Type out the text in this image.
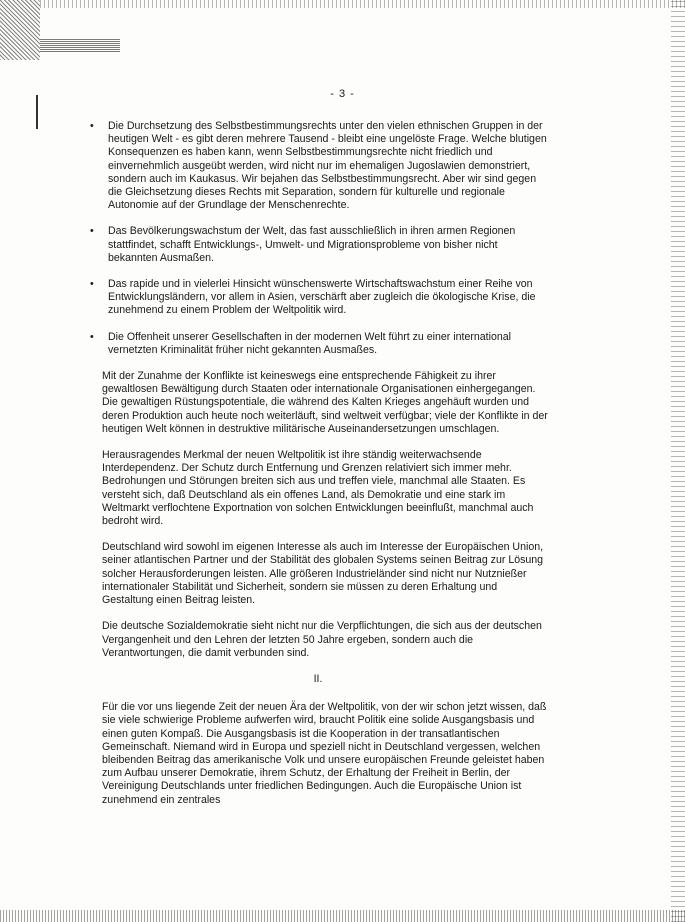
- 3 -
• Die Durchsetzung des Selbstbestimmungsrechts unter den vielen ethnischen Gruppen in der heutigen Welt - es gibt deren mehrere Tausend - bleibt eine ungelöste Frage. Welche blutigen Konsequenzen es haben kann, wenn Selbstbestimmungsrechte nicht friedlich und einvernehmlich ausgeübt werden, wird nicht nur im ehemaligen Jugoslawien demonstriert, sondern auch im Kaukasus. Wir bejahen das Selbstbestimmungsrecht. Aber wir sind gegen die Gleichsetzung dieses Rechts mit Separation, sondern für kulturelle und regionale Autonomie auf der Grundlage der Menschenrechte.
• Das Bevölkerungswachstum der Welt, das fast ausschließlich in ihren armen Regionen stattfindet, schafft Entwicklungs-, Umwelt- und Migrationsprobleme von bisher nicht bekannten Ausmaßen.
• Das rapide und in vielerlei Hinsicht wünschenswerte Wirtschaftswachstum einer Reihe von Entwicklungsländern, vor allem in Asien, verschärft aber zugleich die ökologische Krise, die zunehmend zu einem Problem der Weltpolitik wird.
• Die Offenheit unserer Gesellschaften in der modernen Welt führt zu einer international vernetzten Kriminalität früher nicht gekannten Ausmaßes.

Mit der Zunahme der Konflikte ist keineswegs eine entsprechende Fähigkeit zu ihrer gewaltlosen Bewältigung durch Staaten oder internationale Organisationen einhergegangen. Die gewaltigen Rüstungspotentiale, die während des Kalten Krieges angehäuft wurden und deren Produktion auch heute noch weiterläuft, sind weltweit verfügbar; viele der Konflikte in der heutigen Welt können in destruktive militärische Auseinandersetzungen umschlagen.

Herausragendes Merkmal der neuen Weltpolitik ist ihre ständig weiterwachsende Interdependenz. Der Schutz durch Entfernung und Grenzen relativiert sich immer mehr. Bedrohungen und Störungen breiten sich aus und treffen viele, manchmal alle Staaten. Es versteht sich, daß Deutschland als ein offenes Land, als Demokratie und eine stark im Weltmarkt verflochtene Exportnation von solchen Entwicklungen beeinflußt, manchmal auch bedroht wird.

Deutschland wird sowohl im eigenen Interesse als auch im Interesse der Europäischen Union, seiner atlantischen Partner und der Stabilität des globalen Systems seinen Beitrag zur Lösung solcher Herausforderungen leisten. Alle größeren Industrieländer sind nicht nur Nutznießer internationaler Stabilität und Sicherheit, sondern sie müssen zu deren Erhaltung und Gestaltung einen Beitrag leisten.

Die deutsche Sozialdemokratie sieht nicht nur die Verpflichtungen, die sich aus der deutschen Vergangenheit und den Lehren der letzten 50 Jahre ergeben, sondern auch die Verantwortungen, die damit verbunden sind.

II.

Für die vor uns liegende Zeit der neuen Ära der Weltpolitik, von der wir schon jetzt wissen, daß sie viele schwierige Probleme aufwerfen wird, braucht Politik eine solide Ausgangsbasis und einen guten Kompaß. Die Ausgangsbasis ist die Kooperation in der transatlantischen Gemeinschaft. Niemand wird in Europa und speziell nicht in Deutschland vergessen, welchen bleibenden Beitrag das amerikanische Volk und unsere europäischen Freunde geleistet haben zum Aufbau unserer Demokratie, ihrem Schutz, der Erhaltung der Freiheit in Berlin, der Vereinigung Deutschlands unter friedlichen Bedingungen. Auch die Europäische Union ist zunehmend ein zentrales
